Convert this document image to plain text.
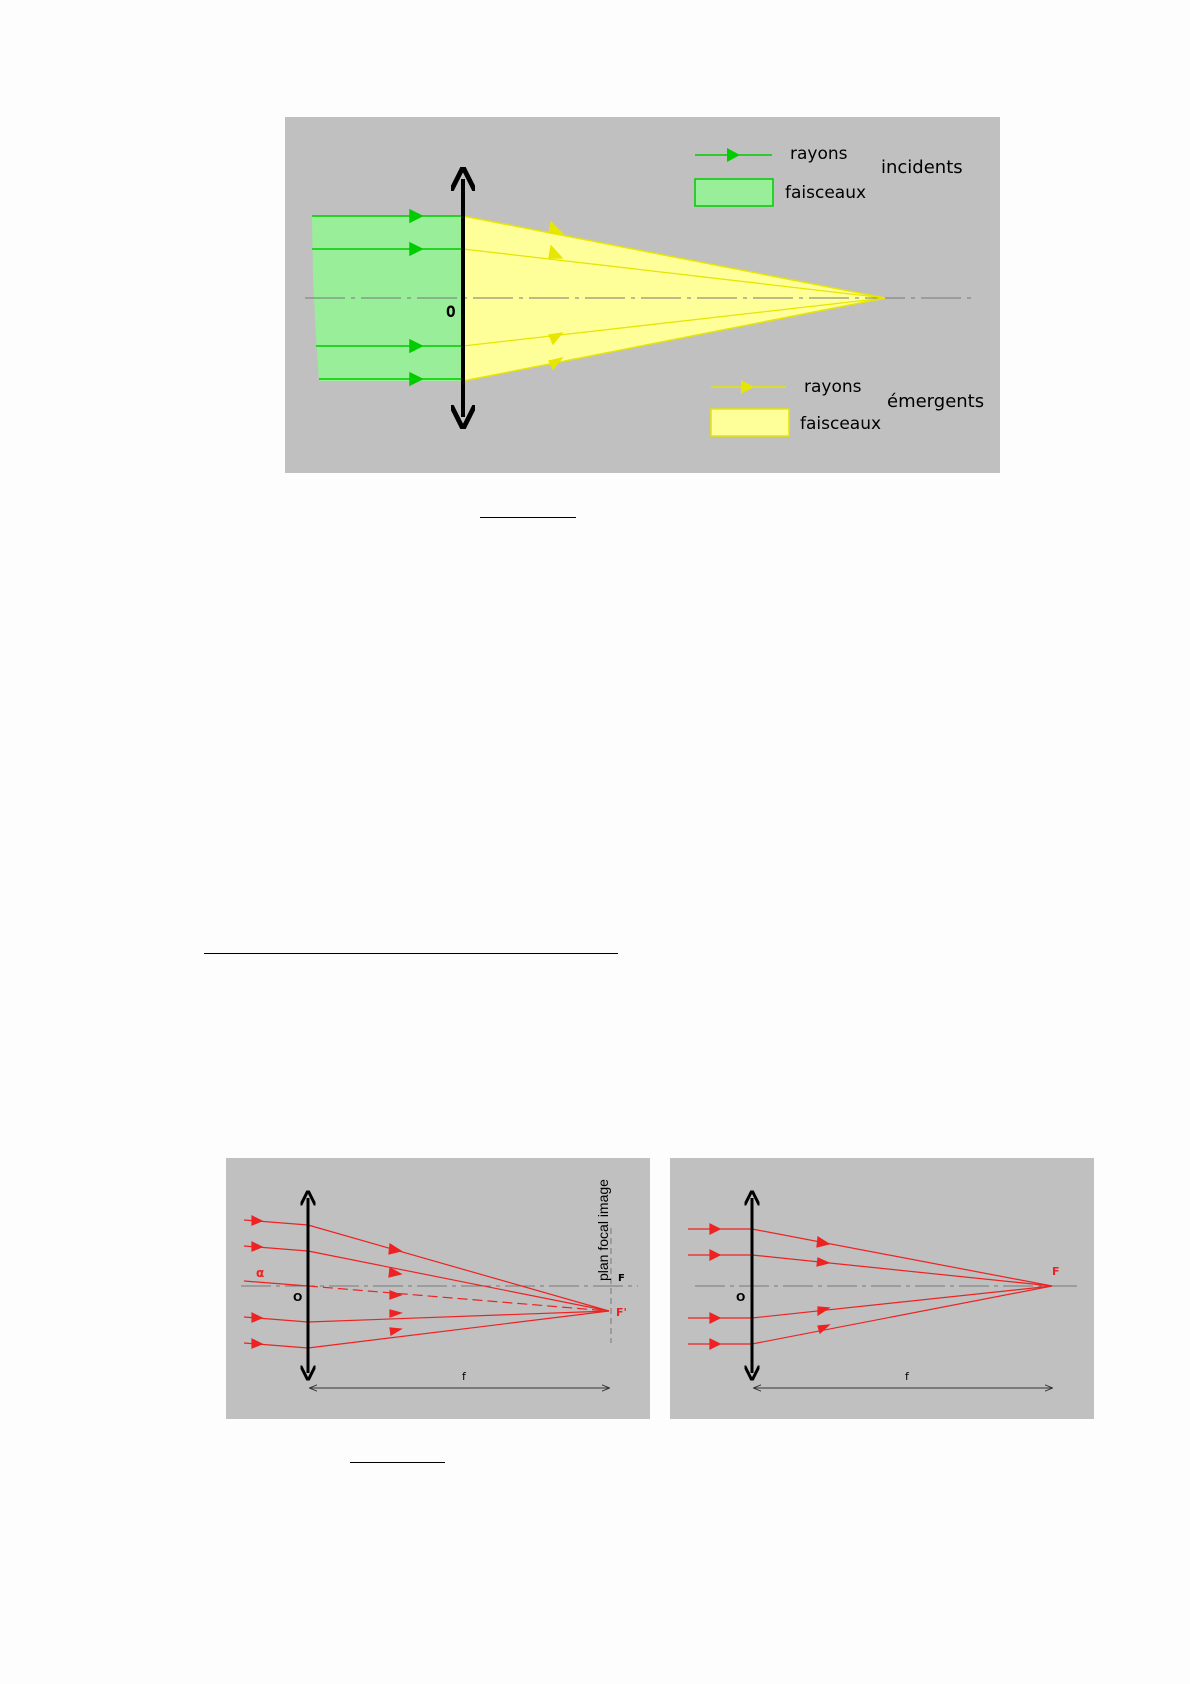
O
rayons
faisceaux
incidents
rayons
faisceaux
émergents
plan focal image F
F'
α
O
f
F
O
f
